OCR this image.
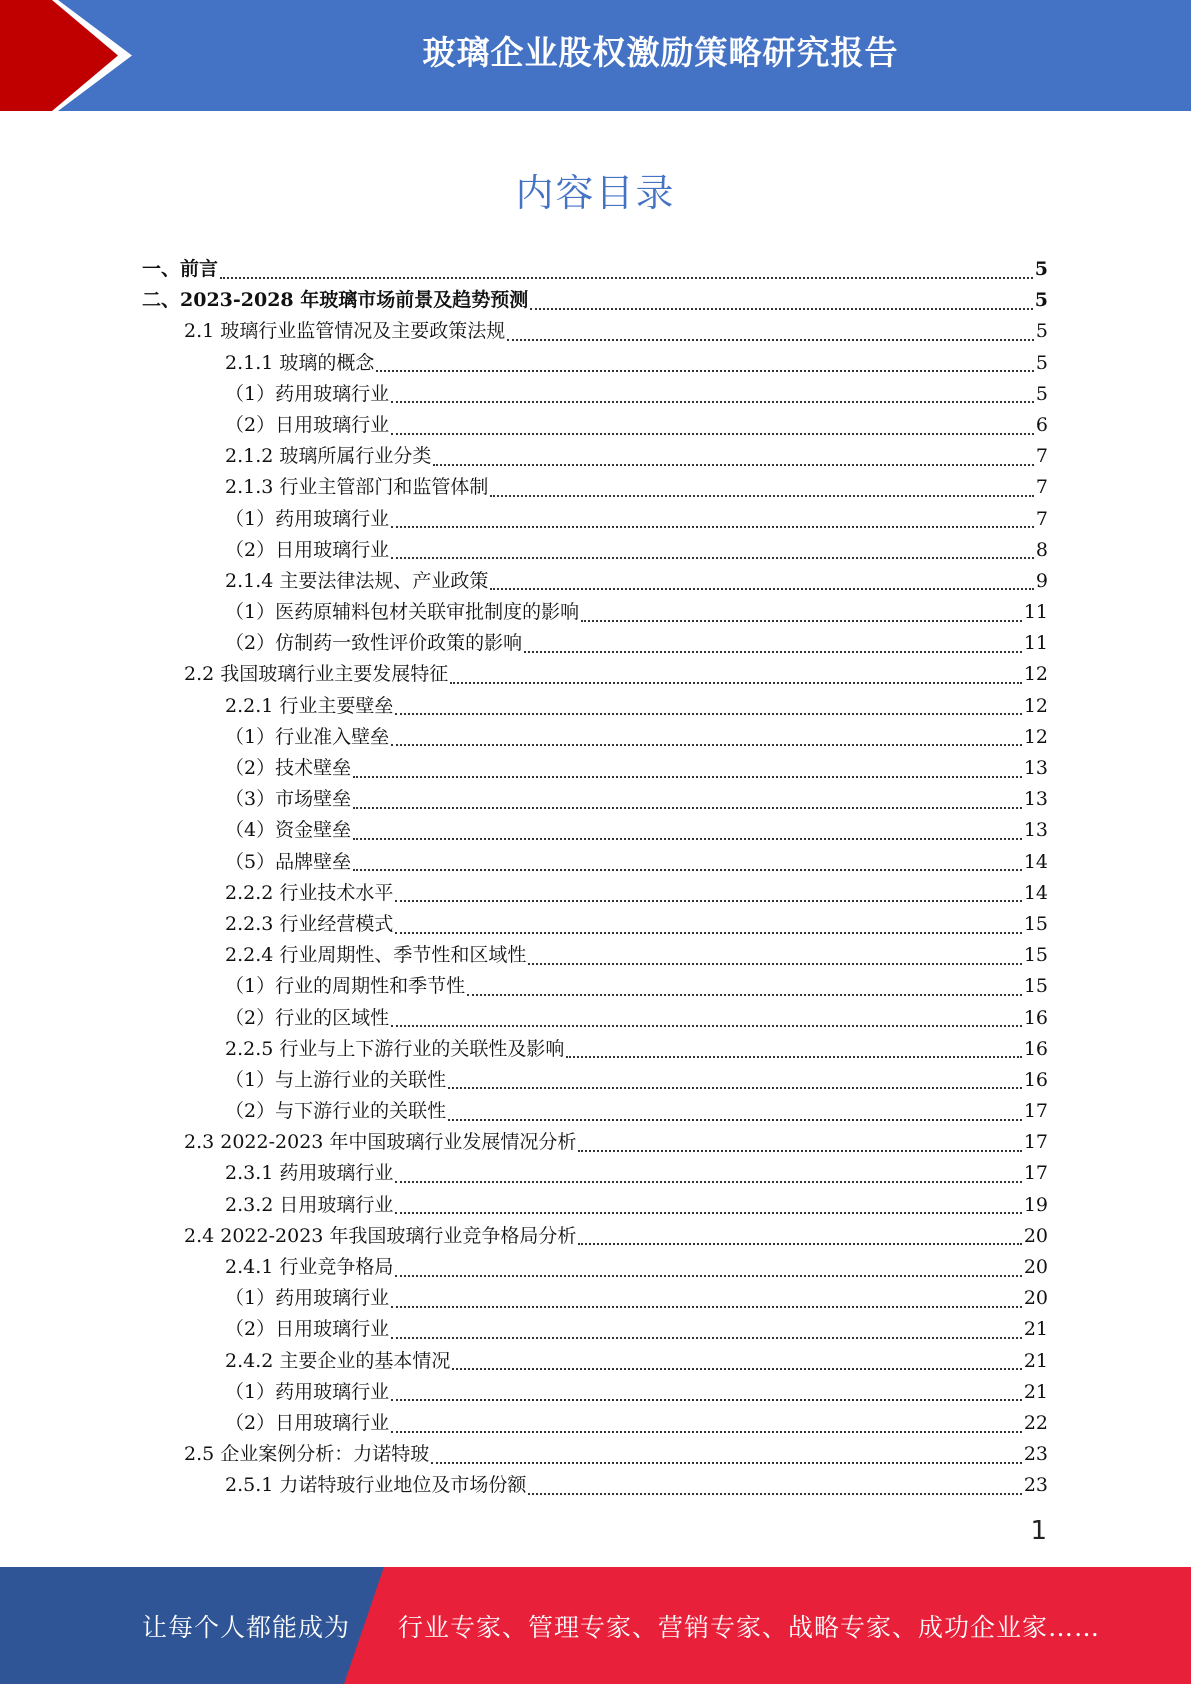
玻璃企业股权激励策略研究报告
内容目录
一、前言	5
二、2023-2028 年玻璃市场前景及趋势预测	5
2.1 玻璃行业监管情况及主要政策法规	5
2.1.1 玻璃的概念	5
（1）药用玻璃行业	5
（2）日用玻璃行业	6
2.1.2 玻璃所属行业分类	7
2.1.3 行业主管部门和监管体制	7
（1）药用玻璃行业	7
（2）日用玻璃行业	8
2.1.4 主要法律法规、产业政策	9
（1）医药原辅料包材关联审批制度的影响	11
（2）仿制药一致性评价政策的影响	11
2.2 我国玻璃行业主要发展特征	12
2.2.1 行业主要壁垒	12
（1）行业准入壁垒	12
（2）技术壁垒	13
（3）市场壁垒	13
（4）资金壁垒	13
（5）品牌壁垒	14
2.2.2 行业技术水平	14
2.2.3 行业经营模式	15
2.2.4 行业周期性、季节性和区域性	15
（1）行业的周期性和季节性	15
（2）行业的区域性	16
2.2.5 行业与上下游行业的关联性及影响	16
（1）与上游行业的关联性	16
（2）与下游行业的关联性	17
2.3 2022-2023 年中国玻璃行业发展情况分析	17
2.3.1 药用玻璃行业	17
2.3.2 日用玻璃行业	19
2.4 2022-2023 年我国玻璃行业竞争格局分析	20
2.4.1 行业竞争格局	20
（1）药用玻璃行业	20
（2）日用玻璃行业	21
2.4.2 主要企业的基本情况	21
（1）药用玻璃行业	21
（2）日用玻璃行业	22
2.5 企业案例分析：力诺特玻	23
2.5.1 力诺特玻行业地位及市场份额	23
1
让每个人都能成为 行业专家、管理专家、营销专家、战略专家、成功企业家……
